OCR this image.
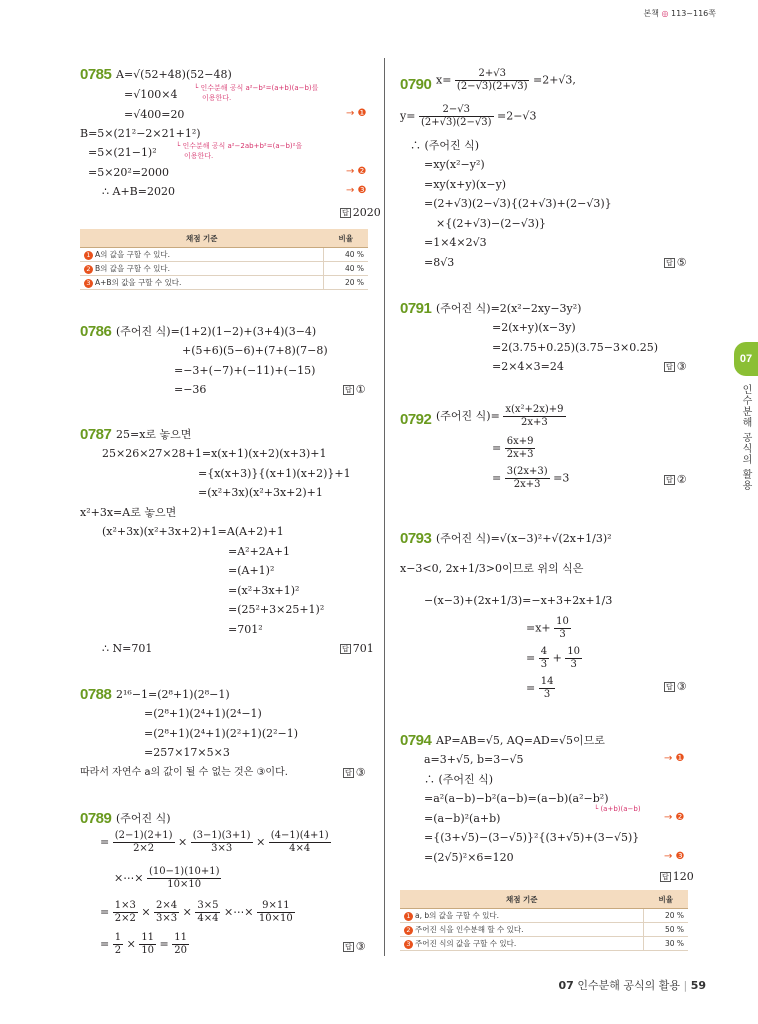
본책 ◎ 113~116쪽
07
인수분해 공식의 활용
0785 A=√(52+48)(52−48)
=√100×4
=√400=20
└ 인수분해 공식 a²−b²=(a+b)(a−b)를
이용한다.
→ ❶
B=5×(21²−2×21+1²)
└ 인수분해 공식 a²−2ab+b²=(a−b)²을
이용한다.
=5×(21−1)²
=5×20²=2000	→ ❷
∴ A+B=2020	→ ❸
답 2020
채점 기준	비율
1 A의 값을 구할 수 있다.	40 %
2 B의 값을 구할 수 있다.	40 %
3 A+B의 값을 구할 수 있다.	20 %
0786 (주어진 식)=(1+2)(1−2)+(3+4)(3−4)
+(5+6)(5−6)+(7+8)(7−8)
=−3+(−7)+(−11)+(−15)
=−36	답 ①
0787 25=x로 놓으면
25×26×27×28+1=x(x+1)(x+2)(x+3)+1
={x(x+3)}{(x+1)(x+2)}+1
=(x²+3x)(x²+3x+2)+1
x²+3x=A로 놓으면
(x²+3x)(x²+3x+2)+1=A(A+2)+1
=A²+2A+1
=(A+1)²
=(x²+3x+1)²
=(25²+3×25+1)²
=701²
∴ N=701	답 701
0788 2¹⁶−1=(2⁸+1)(2⁸−1)
=(2⁸+1)(2⁴+1)(2⁴−1)
=(2⁸+1)(2⁴+1)(2²+1)(2²−1)
=257×17×5×3
따라서 자연수 a의 값이 될 수 없는 것은 ③이다.	답 ③
0789 (주어진 식)
= $\frac{(2-1)(2+1)}{2\times 2} \times \frac{(3-1)(3+1)}{3\times 3} \times \frac{(4-1)(4+1)}{4\times 4}$
×⋯× $\frac{(10-1)(10+1)}{10\times 10}$
= $\frac{1\times 3}{2\times 2} \times \frac{2\times 4}{3\times 3} \times \frac{3\times 5}{4\times 4}$ ×⋯× $\frac{9\times 11}{10\times 10}$
= $\frac{1}{2} \times \frac{11}{10} = \frac{11}{20}$	답 ③
0790 $x= \frac{2+√3}{(2-√3)(2+√3)} =2+√3$,
$y= \frac{2-√3}{(2+√3)(2-√3)} =2-√3$
∴ (주어진 식)
=xy(x²−y²)
=xy(x+y)(x−y)
=(2+√3)(2−√3){(2+√3)+(2−√3)}
×{(2+√3)−(2−√3)}
=1×4×2√3
=8√3	답 ⑤
0791 (주어진 식)=2(x²−2xy−3y²)
=2(x+y)(x−3y)
=2(3.75+0.25)(3.75−3×0.25)
=2×4×3=24	답 ③
0792 (주어진 식)= $\frac{\text{x(x²+2x)+9}}{2x+3}$
= $\frac{6x+9}{2x+3}$
= $\frac{3(2x+3)}{2x+3} =3$	답 ②
0793 (주어진 식)=√(x−3)²+√(2x+1/3)²
x−3<0, 2x+1/3>0이므로 위의 식은
−(x−3)+(2x+1/3)=−x+3+2x+1/3
$=x+ \frac{10}{3}$
= $\frac{4}{3} + \frac{10}{3}$
= $\frac{14}{3}$	답 ③
0794 AP=AB=√5, AQ=AD=√5이므로
a=3+√5, b=3−√5	→ ❶
∴ (주어진 식)
=a²(a−b)−b²(a−b)=(a−b)(a²−b²)
└ (a+b)(a−b)
=(a−b)²(a+b)	→ ❷
={(3+√5)−(3−√5)}²{(3+√5)+(3−√5)}
=(2√5)²×6=120	→ ❸
답 120
채점 기준	비율
1 a, b의 값을 구할 수 있다.	20 %
2 주어진 식을 인수분해 할 수 있다.	50 %
3 주어진 식의 값을 구할 수 있다.	30 %
07 인수분해 공식의 활용 | 59
